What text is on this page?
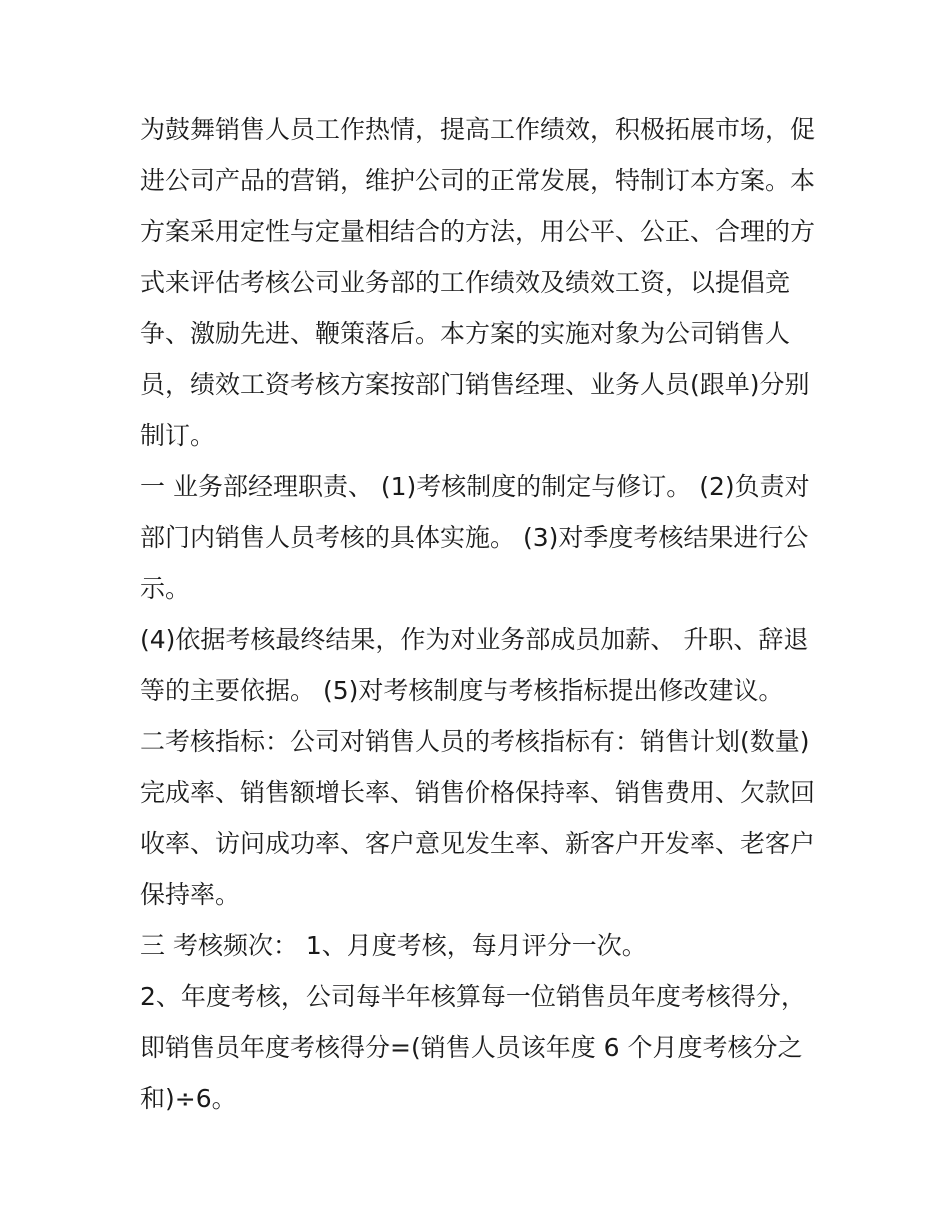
为鼓舞销售人员工作热情，提高工作绩效，积极拓展市场，促
进公司产品的营销，维护公司的正常发展，特制订本方案。本
方案采用定性与定量相结合的方法，用公平、公正、合理的方
式来评估考核公司业务部的工作绩效及绩效工资，以提倡竞
争、激励先进、鞭策落后。本方案的实施对象为公司销售人
员，绩效工资考核方案按部门销售经理、业务人员(跟单)分别
制订。
一 业务部经理职责、 (1)考核制度的制定与修订。 (2)负责对
部门内销售人员考核的具体实施。 (3)对季度考核结果进行公
示。
(4)依据考核最终结果，作为对业务部成员加薪、 升职、辞退
等的主要依据。 (5)对考核制度与考核指标提出修改建议。
二考核指标：公司对销售人员的考核指标有：销售计划(数量)
完成率、销售额增长率、销售价格保持率、销售费用、欠款回
收率、访问成功率、客户意见发生率、新客户开发率、老客户
保持率。
三 考核频次： 1、月度考核，每月评分一次。
2、年度考核，公司每半年核算每一位销售员年度考核得分，
即销售员年度考核得分=(销售人员该年度 6 个月度考核分之
和)÷6。
